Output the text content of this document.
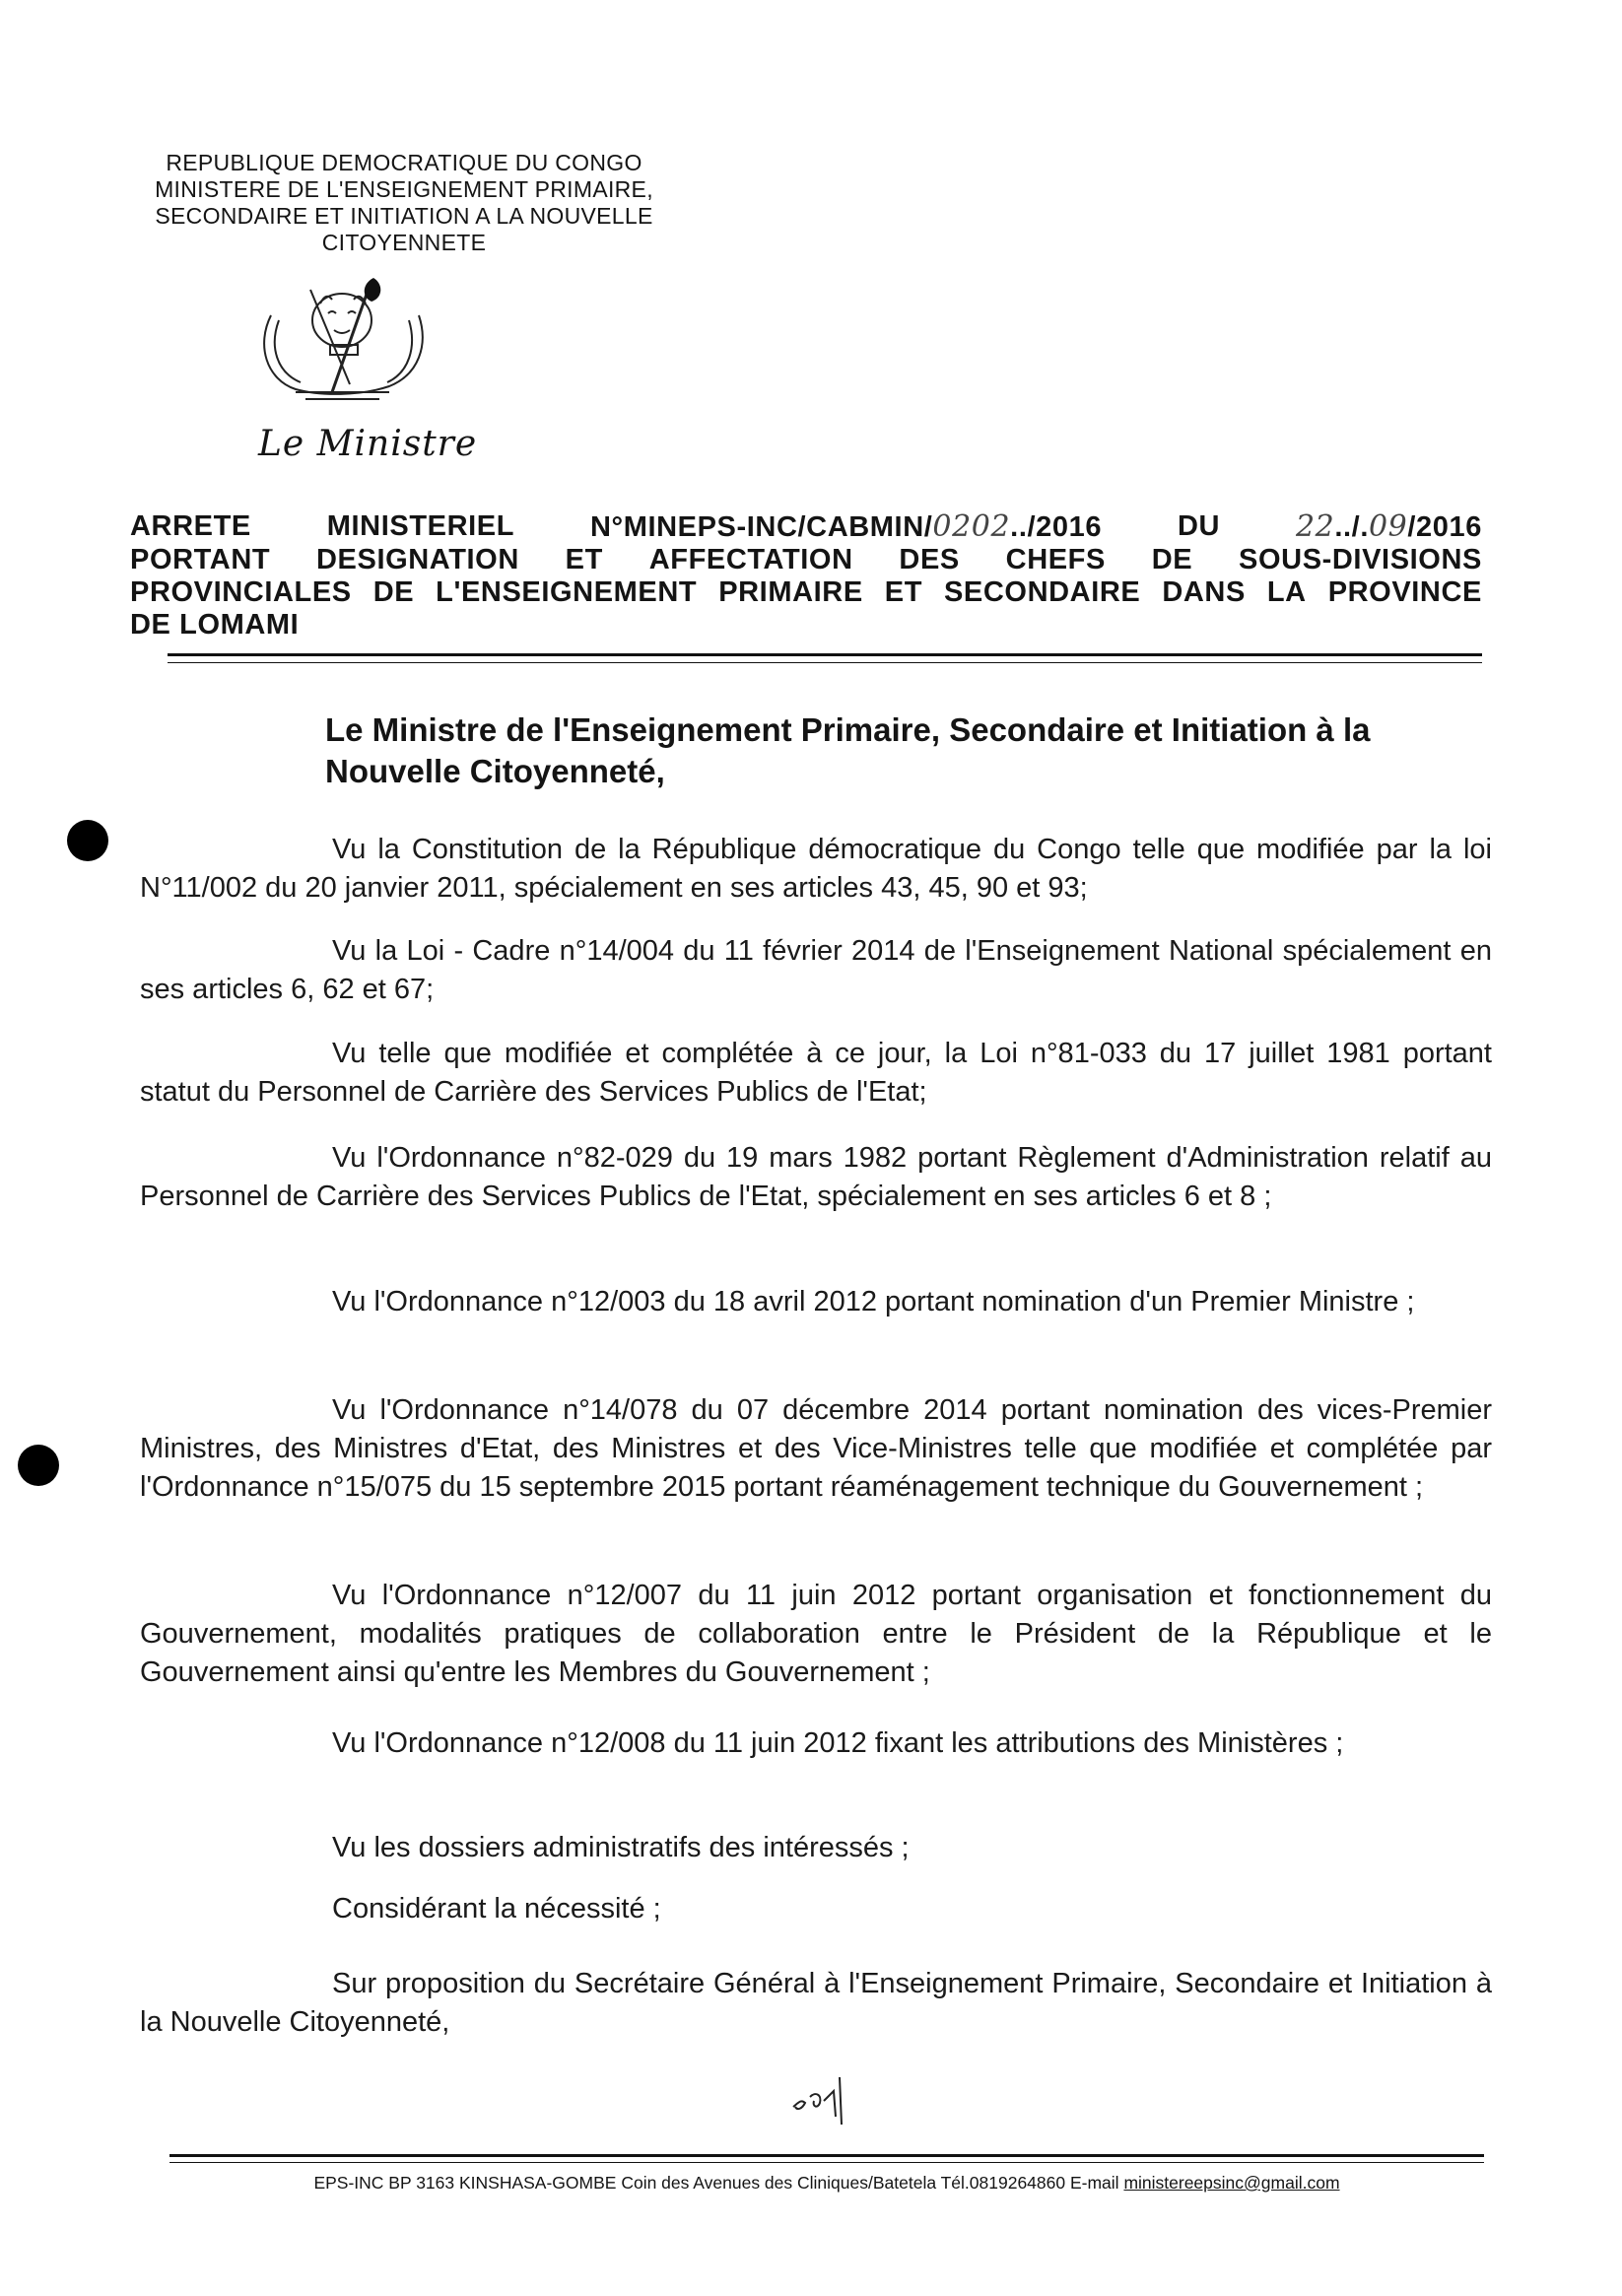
REPUBLIQUE DEMOCRATIQUE DU CONGO
MINISTERE DE L'ENSEIGNEMENT PRIMAIRE,
SECONDAIRE ET INITIATION A LA NOUVELLE
CITOYENNETE
Le Ministre
ARRETE	MINISTERIEL	N°MINEPS-INC/CABMIN/0202../2016	DU	22../.09/2016
PORTANT DESIGNATION ET AFFECTATION DES CHEFS DE SOUS-DIVISIONS
PROVINCIALES DE L'ENSEIGNEMENT PRIMAIRE ET SECONDAIRE DANS LA PROVINCE
DE LOMAMI
Le Ministre de l'Enseignement Primaire, Secondaire et Initiation à la
Nouvelle Citoyenneté,
Vu la Constitution de la République démocratique du Congo telle que modifiée par la loi N°11/002 du 20 janvier 2011, spécialement en ses articles 43, 45, 90 et 93;
Vu la Loi - Cadre n°14/004 du 11 février 2014 de l'Enseignement National spécialement en ses articles 6, 62 et 67;
Vu telle que modifiée et complétée à ce jour, la Loi n°81-033 du 17 juillet 1981 portant statut du Personnel de Carrière des Services Publics de l'Etat;
Vu l'Ordonnance n°82-029 du 19 mars 1982 portant Règlement d'Administration relatif au Personnel de Carrière des Services Publics de l'Etat, spécialement en ses articles 6 et 8 ;
Vu l'Ordonnance n°12/003 du 18 avril 2012 portant nomination d'un Premier Ministre ;
Vu l'Ordonnance n°14/078 du 07 décembre 2014 portant nomination des vices-Premier Ministres, des Ministres d'Etat, des Ministres et des Vice-Ministres telle que modifiée et complétée par l'Ordonnance n°15/075 du 15 septembre 2015 portant réaménagement technique du Gouvernement ;
Vu l'Ordonnance n°12/007 du 11 juin 2012 portant organisation et fonctionnement du Gouvernement, modalités pratiques de collaboration entre le Président de la République et le Gouvernement ainsi qu'entre les Membres du Gouvernement ;
Vu l'Ordonnance n°12/008 du 11 juin 2012 fixant les attributions des Ministères ;
Vu les dossiers administratifs des intéressés ;
Considérant la nécessité ;
Sur proposition du Secrétaire Général à l'Enseignement Primaire, Secondaire et Initiation à la Nouvelle Citoyenneté,
EPS-INC BP 3163 KINSHASA-GOMBE Coin des Avenues des Cliniques/Batetela Tél.0819264860 E-mail ministereepsinc@gmail.com
